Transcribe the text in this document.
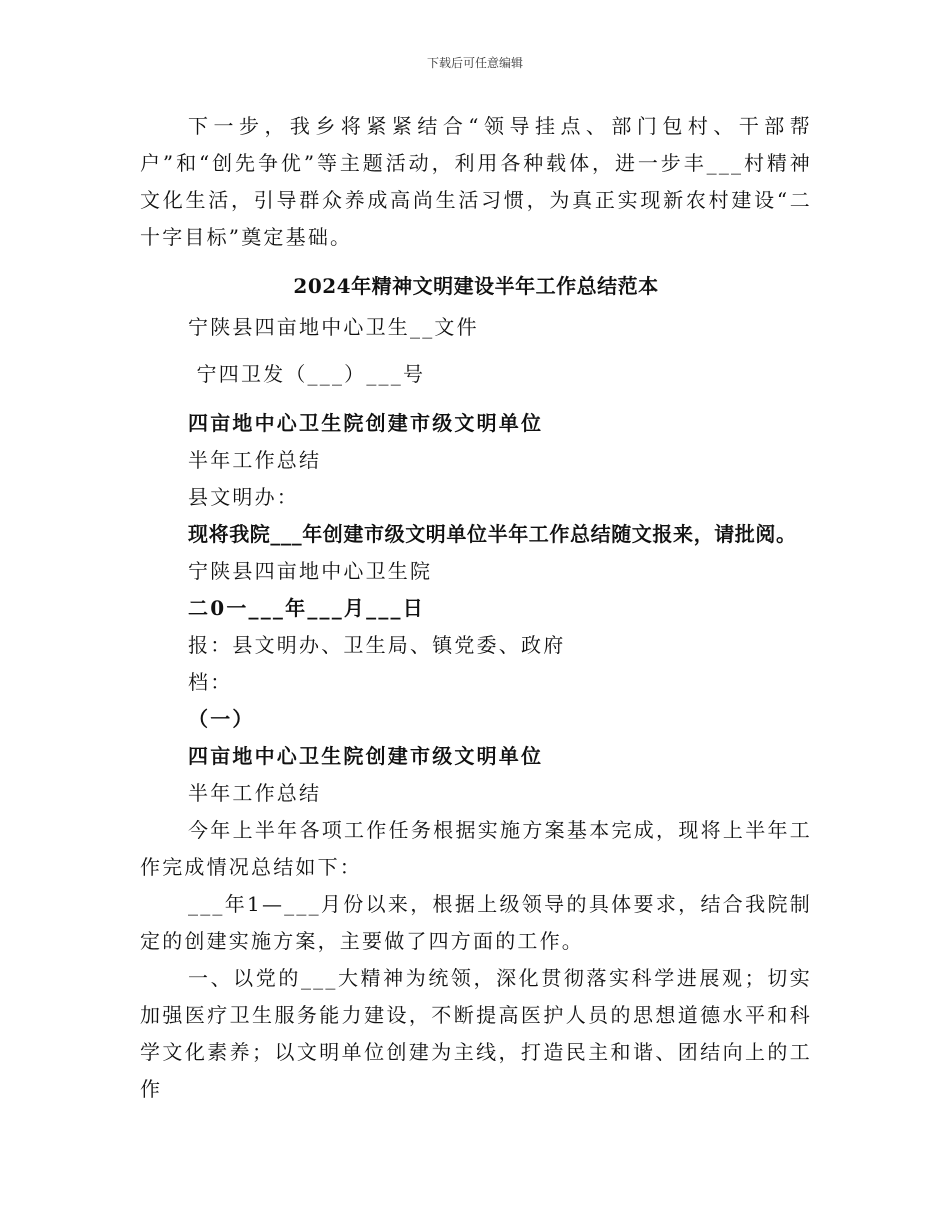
下载后可任意编辑

下一步，我乡将紧紧结合“领导挂点、部门包村、干部帮户”和“创先争优”等主题活动，利用各种载体，进一步丰___村精神文化生活，引导群众养成高尚生活习惯，为真正实现新农村建设“二十字目标”奠定基础。

2024年精神文明建设半年工作总结范本

宁陕县四亩地中心卫生__文件

宁四卫发（___）___号

四亩地中心卫生院创建市级文明单位

半年工作总结

县文明办：

现将我院___年创建市级文明单位半年工作总结随文报来，请批阅。

宁陕县四亩地中心卫生院

二0一___年___月___日

报：县文明办、卫生局、镇党委、政府

档：

（一）

四亩地中心卫生院创建市级文明单位

半年工作总结

今年上半年各项工作任务根据实施方案基本完成，现将上半年工作完成情况总结如下：

___年1—___月份以来，根据上级领导的具体要求，结合我院制定的创建实施方案，主要做了四方面的工作。

一、以党的___大精神为统领，深化贯彻落实科学进展观；切实加强医疗卫生服务能力建设，不断提高医护人员的思想道德水平和科学文化素养；以文明单位创建为主线，打造民主和谐、团结向上的工作
